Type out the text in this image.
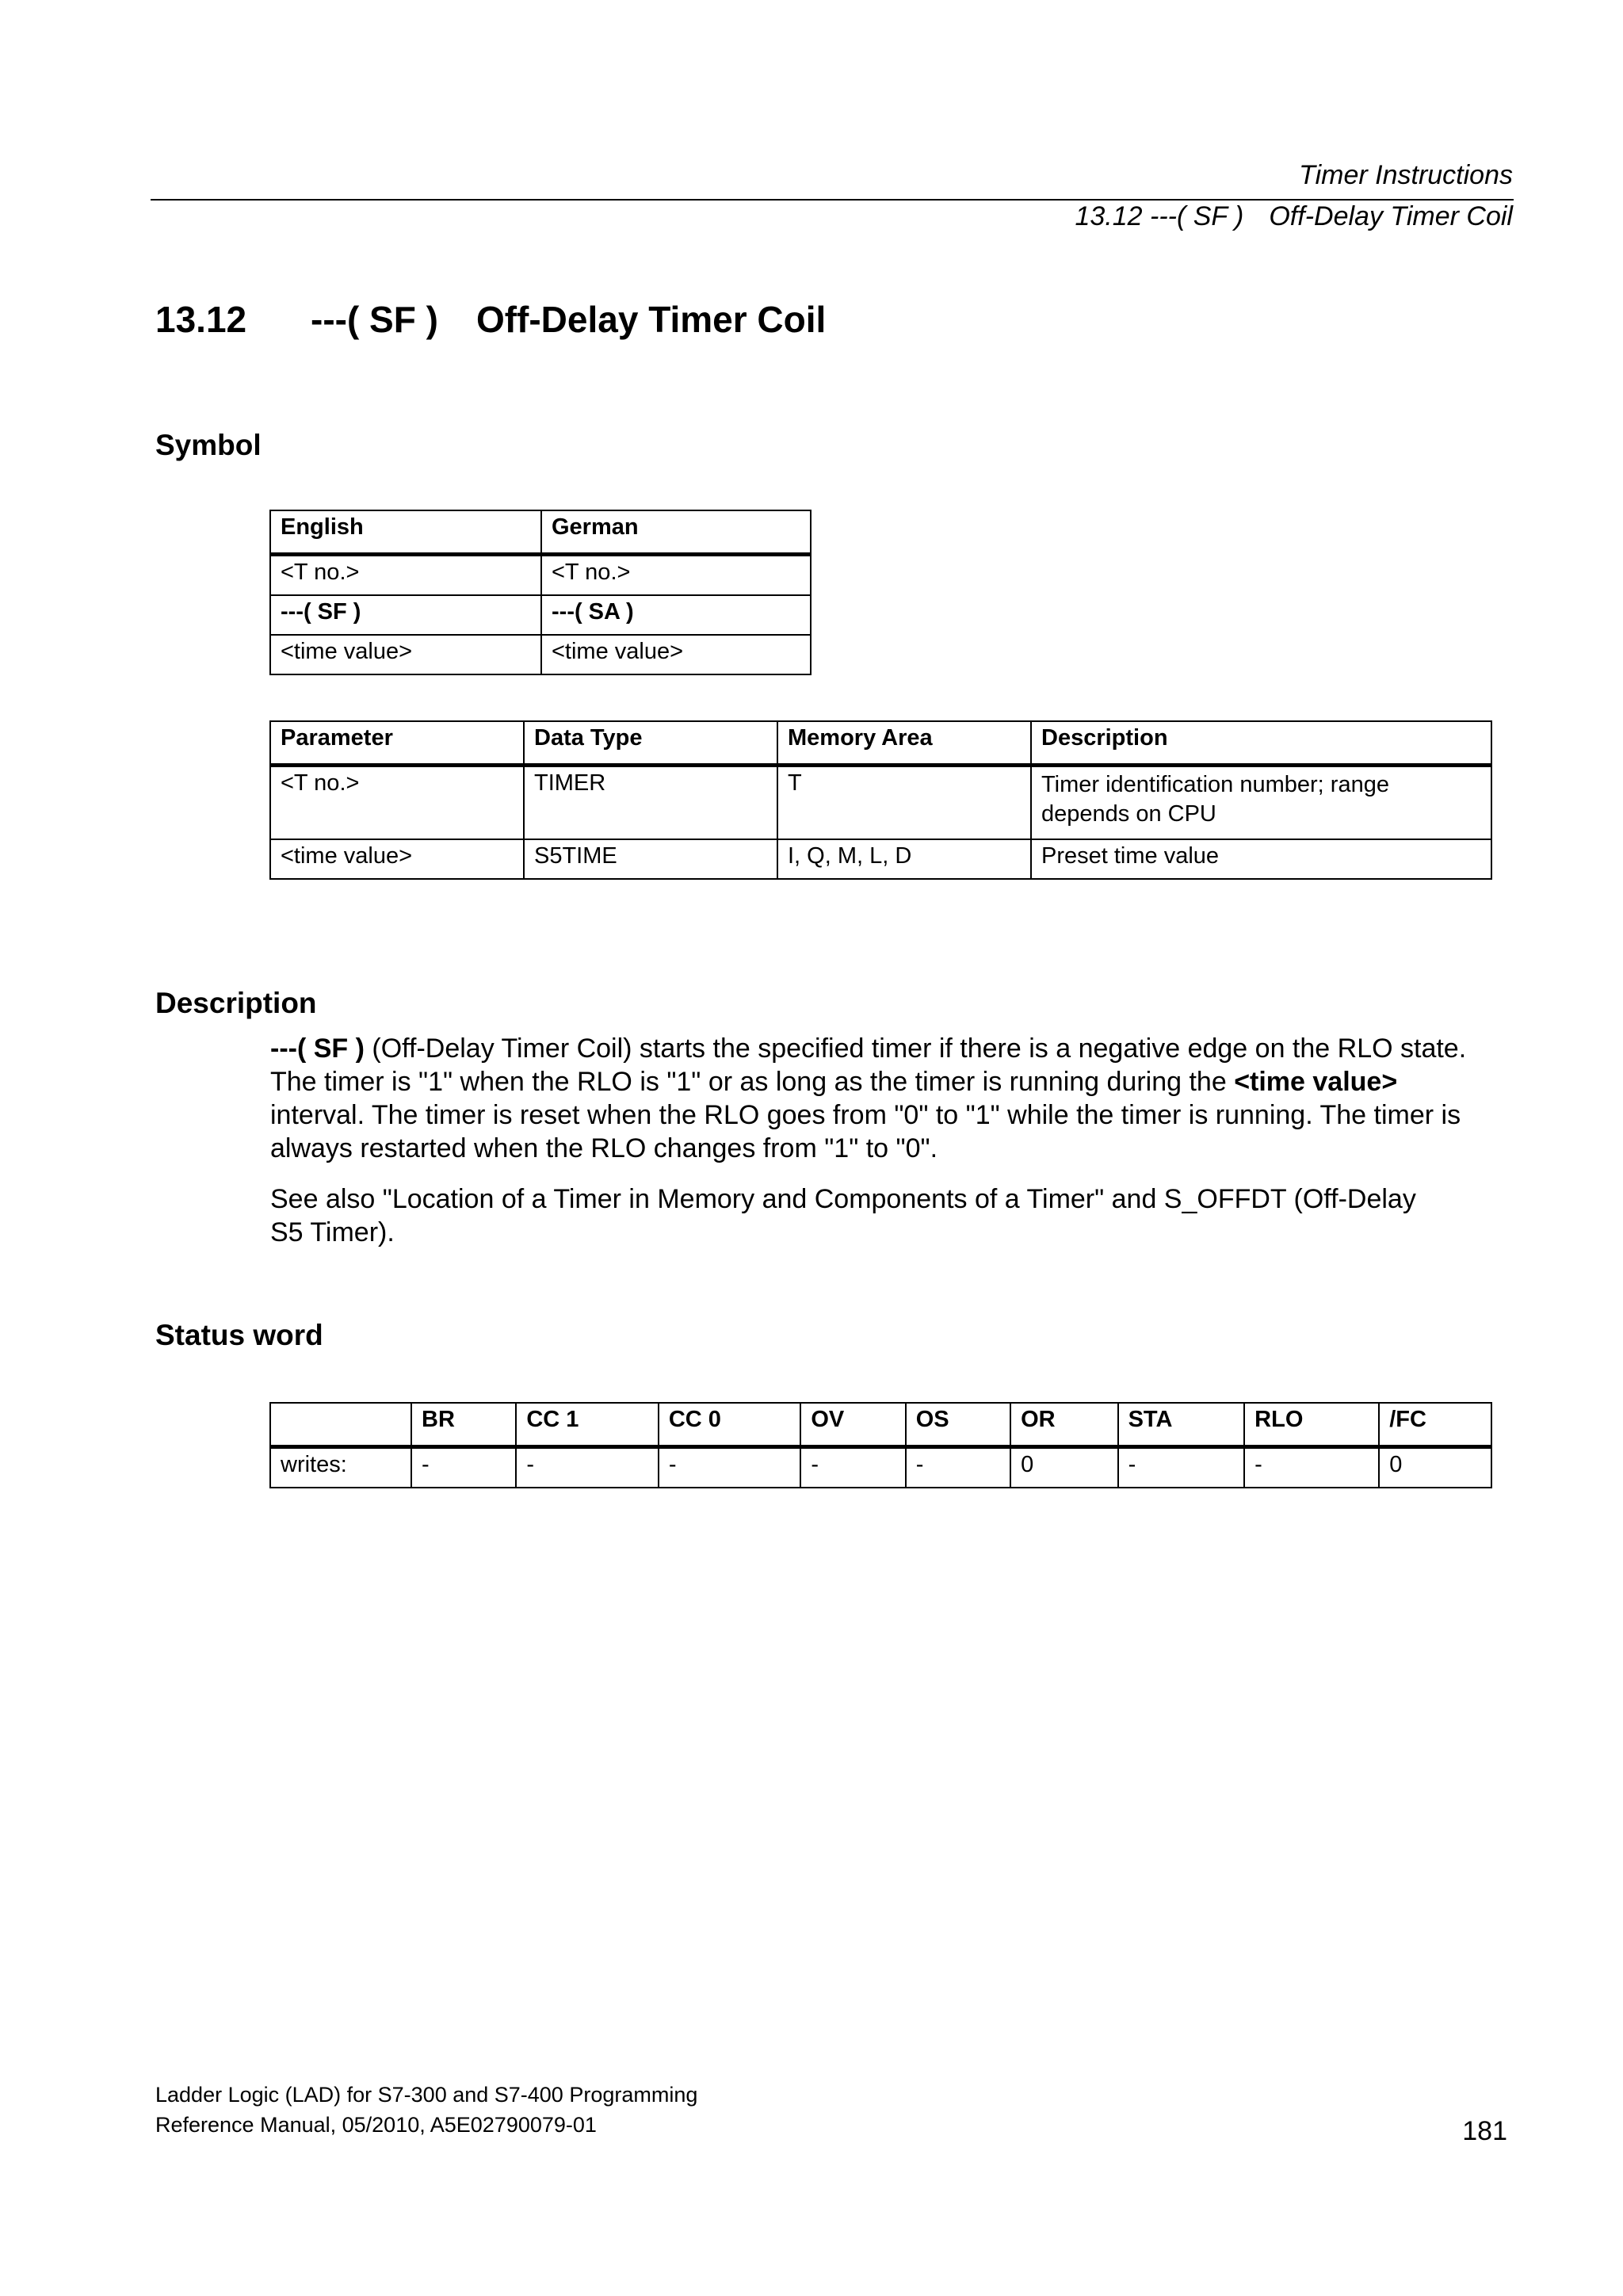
Timer Instructions
13.12 ---( SF ) Off-Delay Timer Coil
13.12 ---( SF ) Off-Delay Timer Coil
Symbol
English	German
<T no.>	<T no.>
---( SF )	---( SA )
<time value>	<time value>
Parameter	Data Type	Memory Area	Description
<T no.>	TIMER	T	Timer identification number; range depends on CPU
<time value>	S5TIME	I, Q, M, L, D	Preset time value
Description
---( SF ) (Off-Delay Timer Coil) starts the specified timer if there is a negative edge on the RLO state. The timer is "1" when the RLO is "1" or as long as the timer is running during the <time value> interval. The timer is reset when the RLO goes from "0" to "1" while the timer is running. The timer is always restarted when the RLO changes from "1" to "0".
See also "Location of a Timer in Memory and Components of a Timer" and S_OFFDT (Off-Delay S5 Timer).
Status word
	BR	CC 1	CC 0	OV	OS	OR	STA	RLO	/FC
writes:	-	-	-	-	-	0	-	-	0
Ladder Logic (LAD) for S7-300 and S7-400 Programming
Reference Manual, 05/2010, A5E02790079-01	181
